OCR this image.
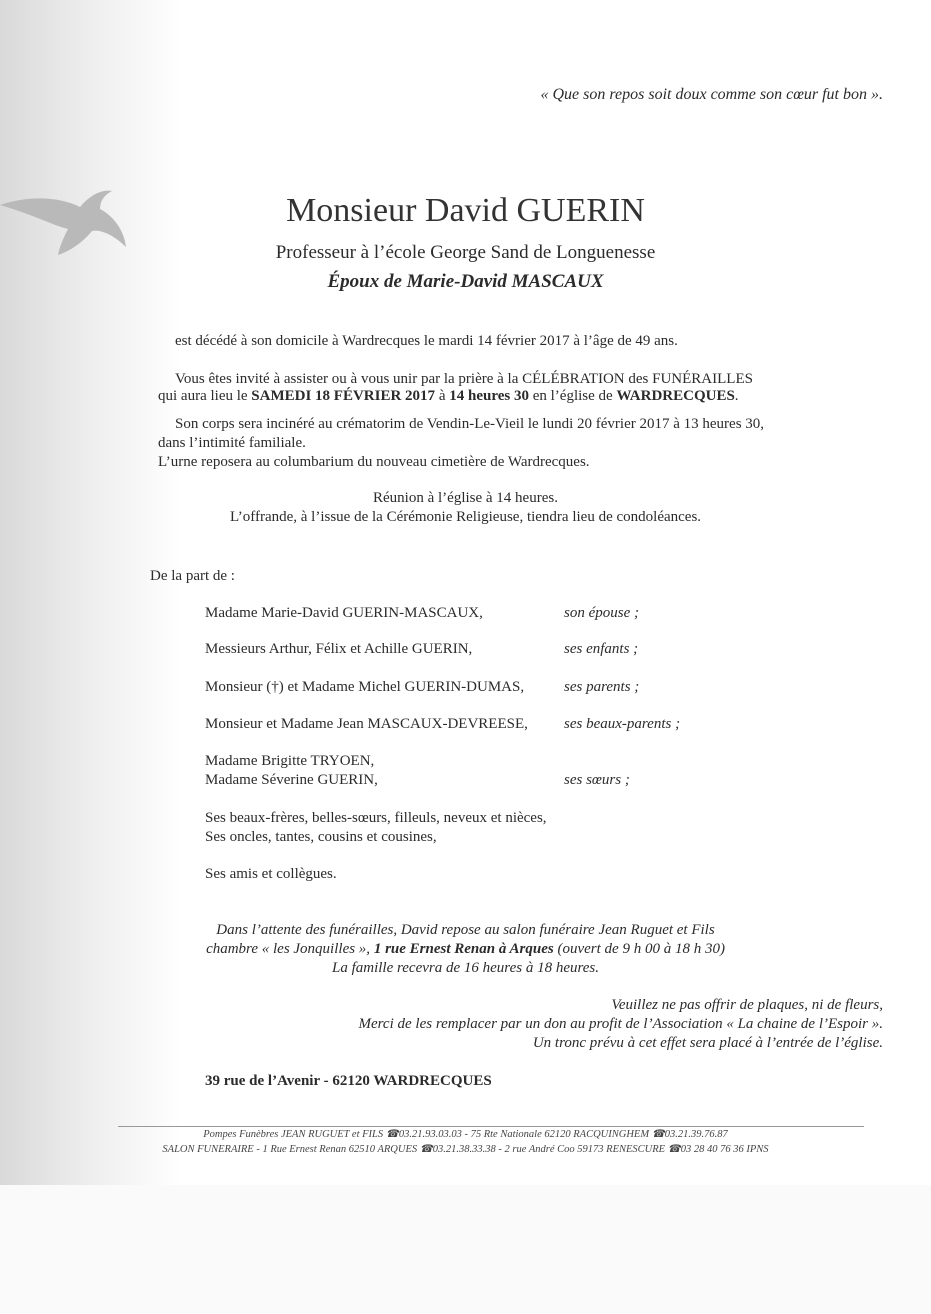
« Que son repos soit doux comme son cœur fut bon ».
Monsieur David GUERIN
Professeur à l’école George Sand de Longuenesse
Époux de Marie-David MASCAUX
est décédé à son domicile à Wardrecques le mardi 14 février 2017 à l’âge de 49 ans.
Vous êtes invité à assister ou à vous unir par la prière à la CÉLÉBRATION des FUNÉRAILLES
qui aura lieu le SAMEDI 18 FÉVRIER 2017 à 14 heures 30 en l’église de WARDRECQUES.
Son corps sera incinéré au crématorim de Vendin-Le-Vieil le lundi 20 février 2017 à 13 heures 30,
dans l’intimité familiale.
L’urne reposera au columbarium du nouveau cimetière de Wardrecques.
Réunion à l’église à 14 heures.
L’offrande, à l’issue de la Cérémonie Religieuse, tiendra lieu de condoléances.
De la part de :
Madame Marie-David GUERIN-MASCAUX,	son épouse ;
Messieurs Arthur, Félix et Achille GUERIN,	ses enfants ;
Monsieur (†) et Madame Michel GUERIN-DUMAS,	ses parents ;
Monsieur et Madame Jean MASCAUX-DEVREESE, ses beaux-parents ;
Madame Brigitte TRYOEN,
Madame Séverine GUERIN,	ses sœurs ;
Ses beaux-frères, belles-sœurs, filleuls, neveux et nièces,
Ses oncles, tantes, cousins et cousines,
Ses amis et collègues.
Dans l’attente des funérailles, David repose au salon funéraire Jean Ruguet et Fils
chambre « les Jonquilles », 1 rue Ernest Renan à Arques (ouvert de 9 h 00 à 18 h 30)
La famille recevra de 16 heures à 18 heures.
Veuillez ne pas offrir de plaques, ni de fleurs,
Merci de les remplacer par un don au profit de l’Association « La chaine de l’Espoir ».
Un tronc prévu à cet effet sera placé à l’entrée de l’église.
39 rue de l’Avenir - 62120 WARDRECQUES
Pompes Funèbres JEAN RUGUET et FILS ☎03.21.93.03.03 - 75 Rte Nationale 62120 RACQUINGHEM ☎03.21.39.76.87
SALON FUNERAIRE - 1 Rue Ernest Renan 62510 ARQUES ☎03.21.38.33.38 - 2 rue André Coo 59173 RENESCURE ☎03 28 40 76 36 IPNS
